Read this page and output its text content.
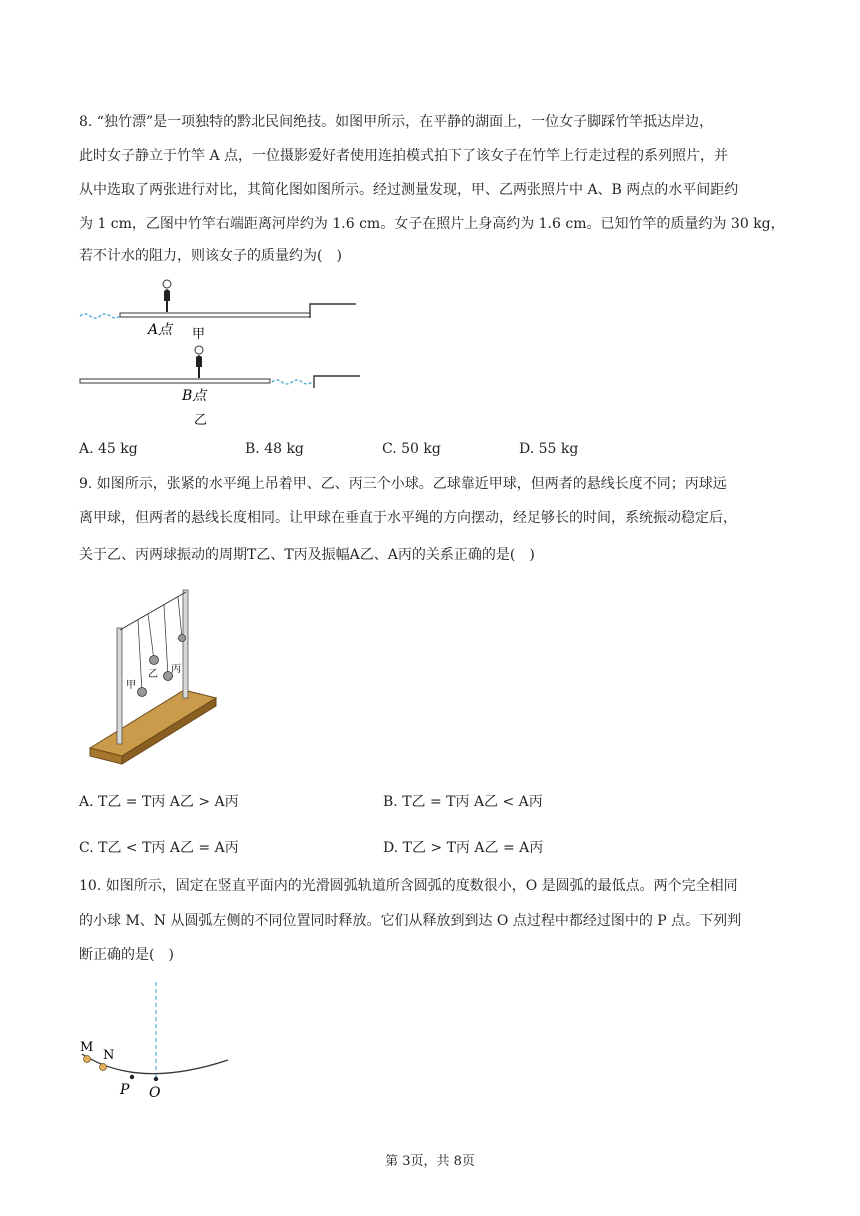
8. “独竹漂”是一项独特的黔北民间绝技。如图甲所示，在平静的湖面上，一位女子脚踩竹竿抵达岸边，
此时女子静立于竹竿 A 点，一位摄影爱好者使用连拍模式拍下了该女子在竹竿上行走过程的系列照片，并
从中选取了两张进行对比，其简化图如图所示。经过测量发现，甲、乙两张照片中 A、B 两点的水平间距约
为 1 cm，乙图中竹竿右端距离河岸约为 1.6 cm。女子在照片上身高约为 1.6 cm。已知竹竿的质量约为 30 kg，
若不计水的阻力，则该女子的质量约为(　)
A点 甲
B点
乙
A. 45 kg	B. 48 kg	C. 50 kg	D. 55 kg
9. 如图所示，张紧的水平绳上吊着甲、乙、丙三个小球。乙球靠近甲球，但两者的悬线长度不同；丙球远
离甲球，但两者的悬线长度相同。让甲球在垂直于水平绳的方向摆动，经足够长的时间，系统振动稳定后，
关于乙、丙两球振动的周期T乙、T丙及振幅A乙、A丙的关系正确的是(　)
甲
乙 丙
A. T乙 = T丙 A乙 > A丙	B. T乙 = T丙 A乙 < A丙
C. T乙 < T丙 A乙 = A丙	D. T乙 > T丙 A乙 = A丙
10. 如图所示，固定在竖直平面内的光滑圆弧轨道所含圆弧的度数很小，O 是圆弧的最低点。两个完全相同
的小球 M、N 从圆弧左侧的不同位置同时释放。它们从释放到到达 O 点过程中都经过图中的 P 点。下列判
断正确的是(　)
M
N
P O
第 3页，共 8页
